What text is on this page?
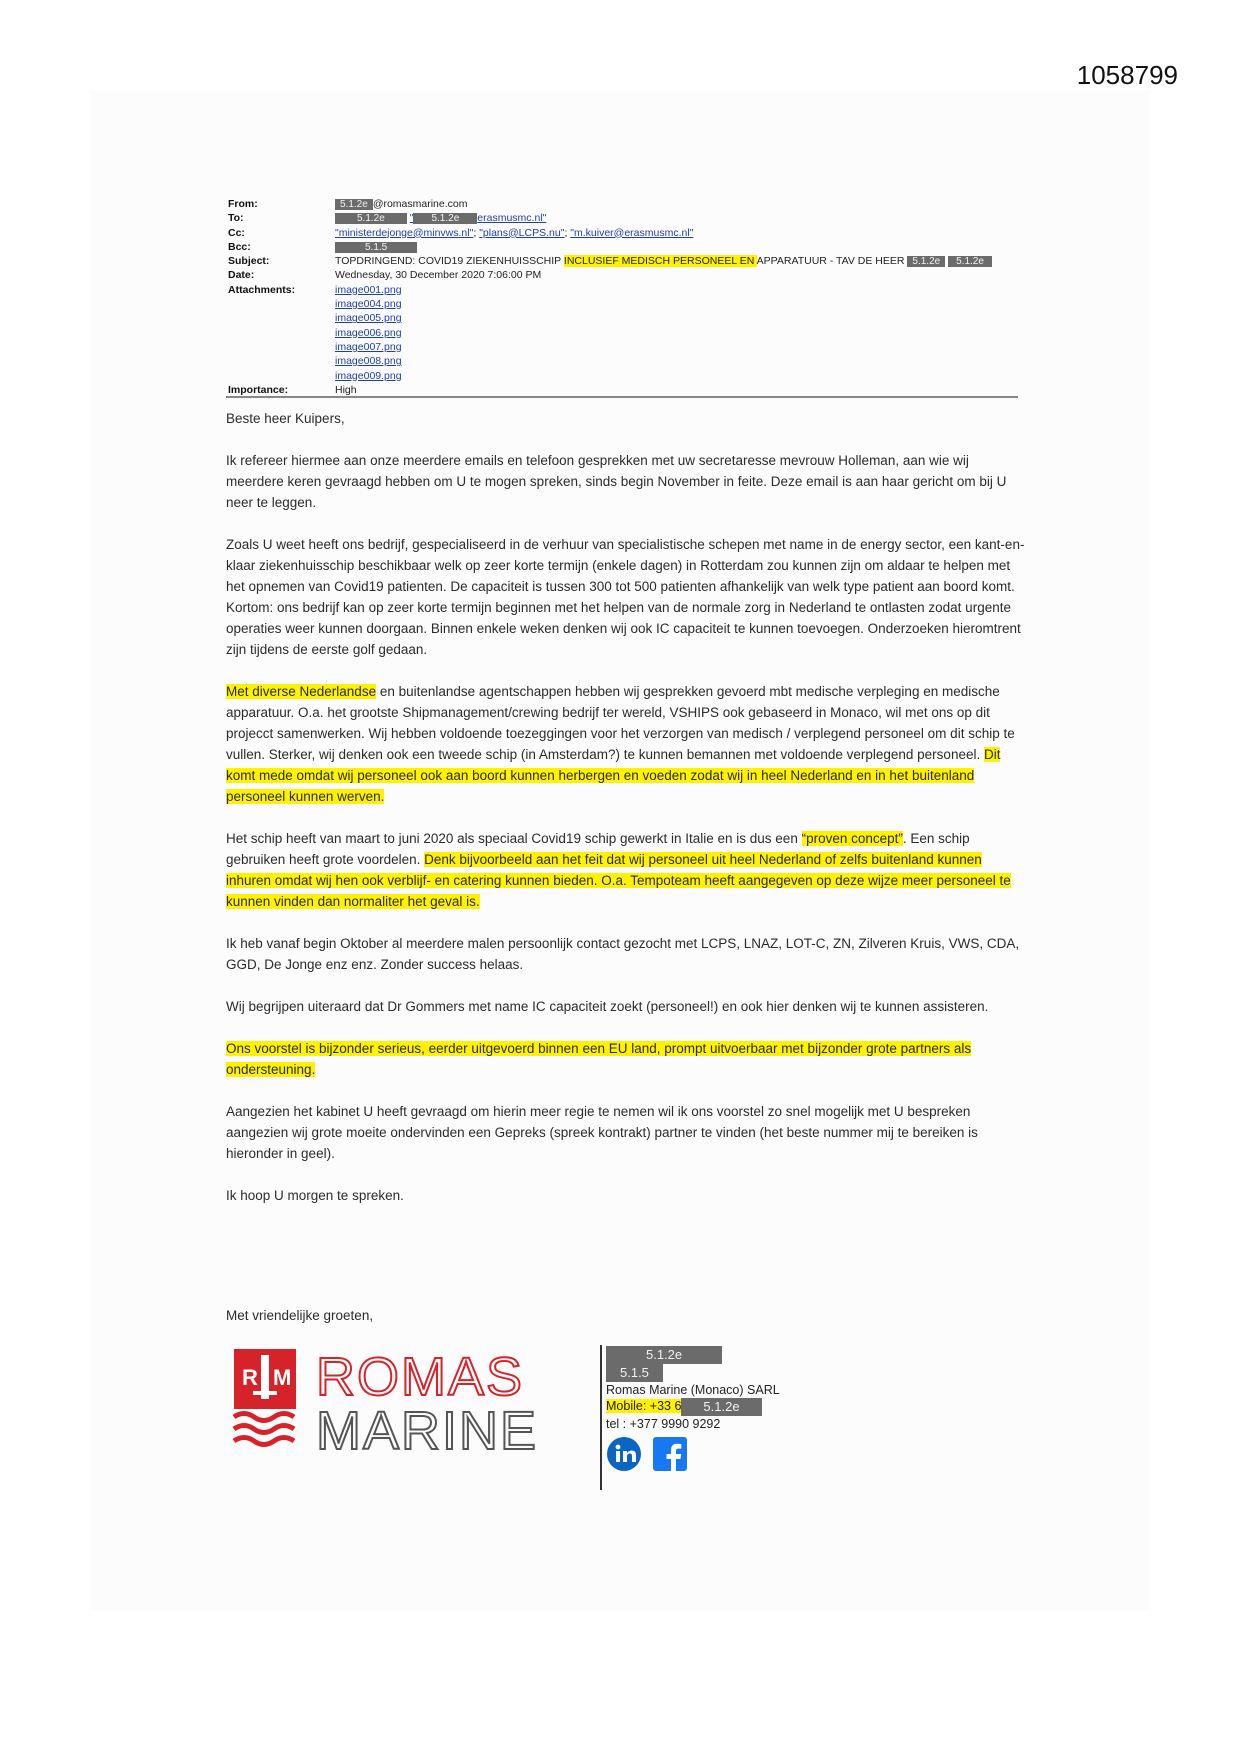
1058799
From:	5.1.2e @romasmarine.com
To:	5.1.2e " 5.1.2e erasmusmc.nl"
Cc:	"ministerdejonge@minvws.nl"; "plans@LCPS.nu"; "m.kuiver@erasmusmc.nl"
Bcc:	5.1.5
Subject:	TOPDRINGEND: COVID19 ZIEKENHUISSCHIP INCLUSIEF MEDISCH PERSONEEL EN APPARATUUR - TAV DE HEER 5.1.2e 5.1.2e
Date:	Wednesday, 30 December 2020 7:06:00 PM
Attachments:	image001.png
image004.png
image005.png
image006.png
image007.png
image008.png
image009.png
Importance:	High

Beste heer Kuipers,

Ik refereer hiermee aan onze meerdere emails en telefoon gesprekken met uw secretaresse mevrouw Holleman, aan wie wij meerdere keren gevraagd hebben om U te mogen spreken, sinds begin November in feite. Deze email is aan haar gericht om bij U neer te leggen.

Zoals U weet heeft ons bedrijf, gespecialiseerd in de verhuur van specialistische schepen met name in de energy sector, een kant-en-klaar ziekenhuisschip beschikbaar welk op zeer korte termijn (enkele dagen) in Rotterdam zou kunnen zijn om aldaar te helpen met het opnemen van Covid19 patienten. De capaciteit is tussen 300 tot 500 patienten afhankelijk van welk type patient aan boord komt. Kortom: ons bedrijf kan op zeer korte termijn beginnen met het helpen van de normale zorg in Nederland te ontlasten zodat urgente operaties weer kunnen doorgaan. Binnen enkele weken denken wij ook IC capaciteit te kunnen toevoegen. Onderzoeken hieromtrent zijn tijdens de eerste golf gedaan.

Met diverse Nederlandse en buitenlandse agentschappen hebben wij gesprekken gevoerd mbt medische verpleging en medische apparatuur. O.a. het grootste Shipmanagement/crewing bedrijf ter wereld, VSHIPS ook gebaseerd in Monaco, wil met ons op dit projecct samenwerken. Wij hebben voldoende toezeggingen voor het verzorgen van medisch / verplegend personeel om dit schip te vullen. Sterker, wij denken ook een tweede schip (in Amsterdam?) te kunnen bemannen met voldoende verplegend personeel. Dit komt mede omdat wij personeel ook aan boord kunnen herbergen en voeden zodat wij in heel Nederland en in het buitenland personeel kunnen werven.

Het schip heeft van maart to juni 2020 als speciaal Covid19 schip gewerkt in Italie en is dus een “proven concept”. Een schip gebruiken heeft grote voordelen. Denk bijvoorbeeld aan het feit dat wij personeel uit heel Nederland of zelfs buitenland kunnen inhuren omdat wij hen ook verblijf- en catering kunnen bieden. O.a. Tempoteam heeft aangegeven op deze wijze meer personeel te kunnen vinden dan normaliter het geval is.

Ik heb vanaf begin Oktober al meerdere malen persoonlijk contact gezocht met LCPS, LNAZ, LOT-C, ZN, Zilveren Kruis, VWS, CDA, GGD, De Jonge enz enz. Zonder success helaas.

Wij begrijpen uiteraard dat Dr Gommers met name IC capaciteit zoekt (personeel!) en ook hier denken wij te kunnen assisteren.

Ons voorstel is bijzonder serieus, eerder uitgevoerd binnen een EU land, prompt uitvoerbaar met bijzonder grote partners als ondersteuning.

Aangezien het kabinet U heeft gevraagd om hierin meer regie te nemen wil ik ons voorstel zo snel mogelijk met U bespreken aangezien wij grote moeite ondervinden een Gepreks (spreek kontrakt) partner te vinden (het beste nummer mij te bereiken is hieronder in geel).

Ik hoop U morgen te spreken.

Met vriendelijke groeten,
R M ROMAS
MARINE
5.1.2e
5.1.5
Romas Marine (Monaco) SARL
Mobile: +33 6 5.1.2e
tel : +377 9990 9292
